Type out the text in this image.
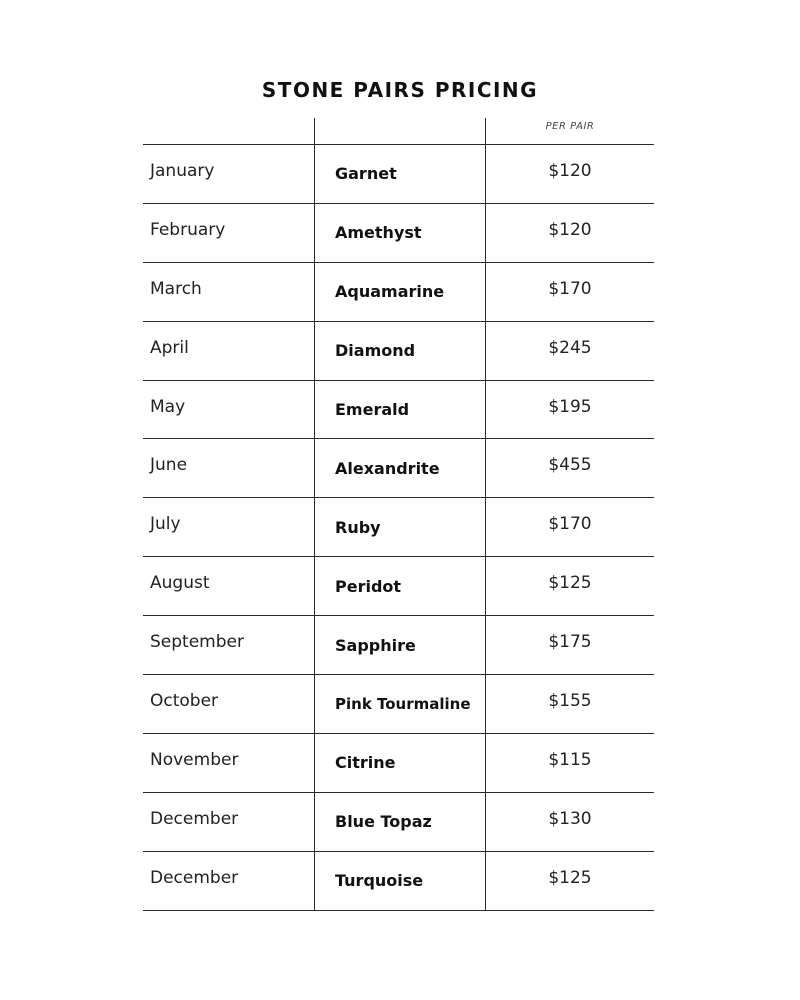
STONE PAIRS PRICING
PER PAIR
January	Garnet	$120
February	Amethyst	$120
March	Aquamarine	$170
April	Diamond	$245
May	Emerald	$195
June	Alexandrite	$455
July	Ruby	$170
August	Peridot	$125
September	Sapphire	$175
October	Pink Tourmaline	$155
November	Citrine	$115
December	Blue Topaz	$130
December	Turquoise	$125
